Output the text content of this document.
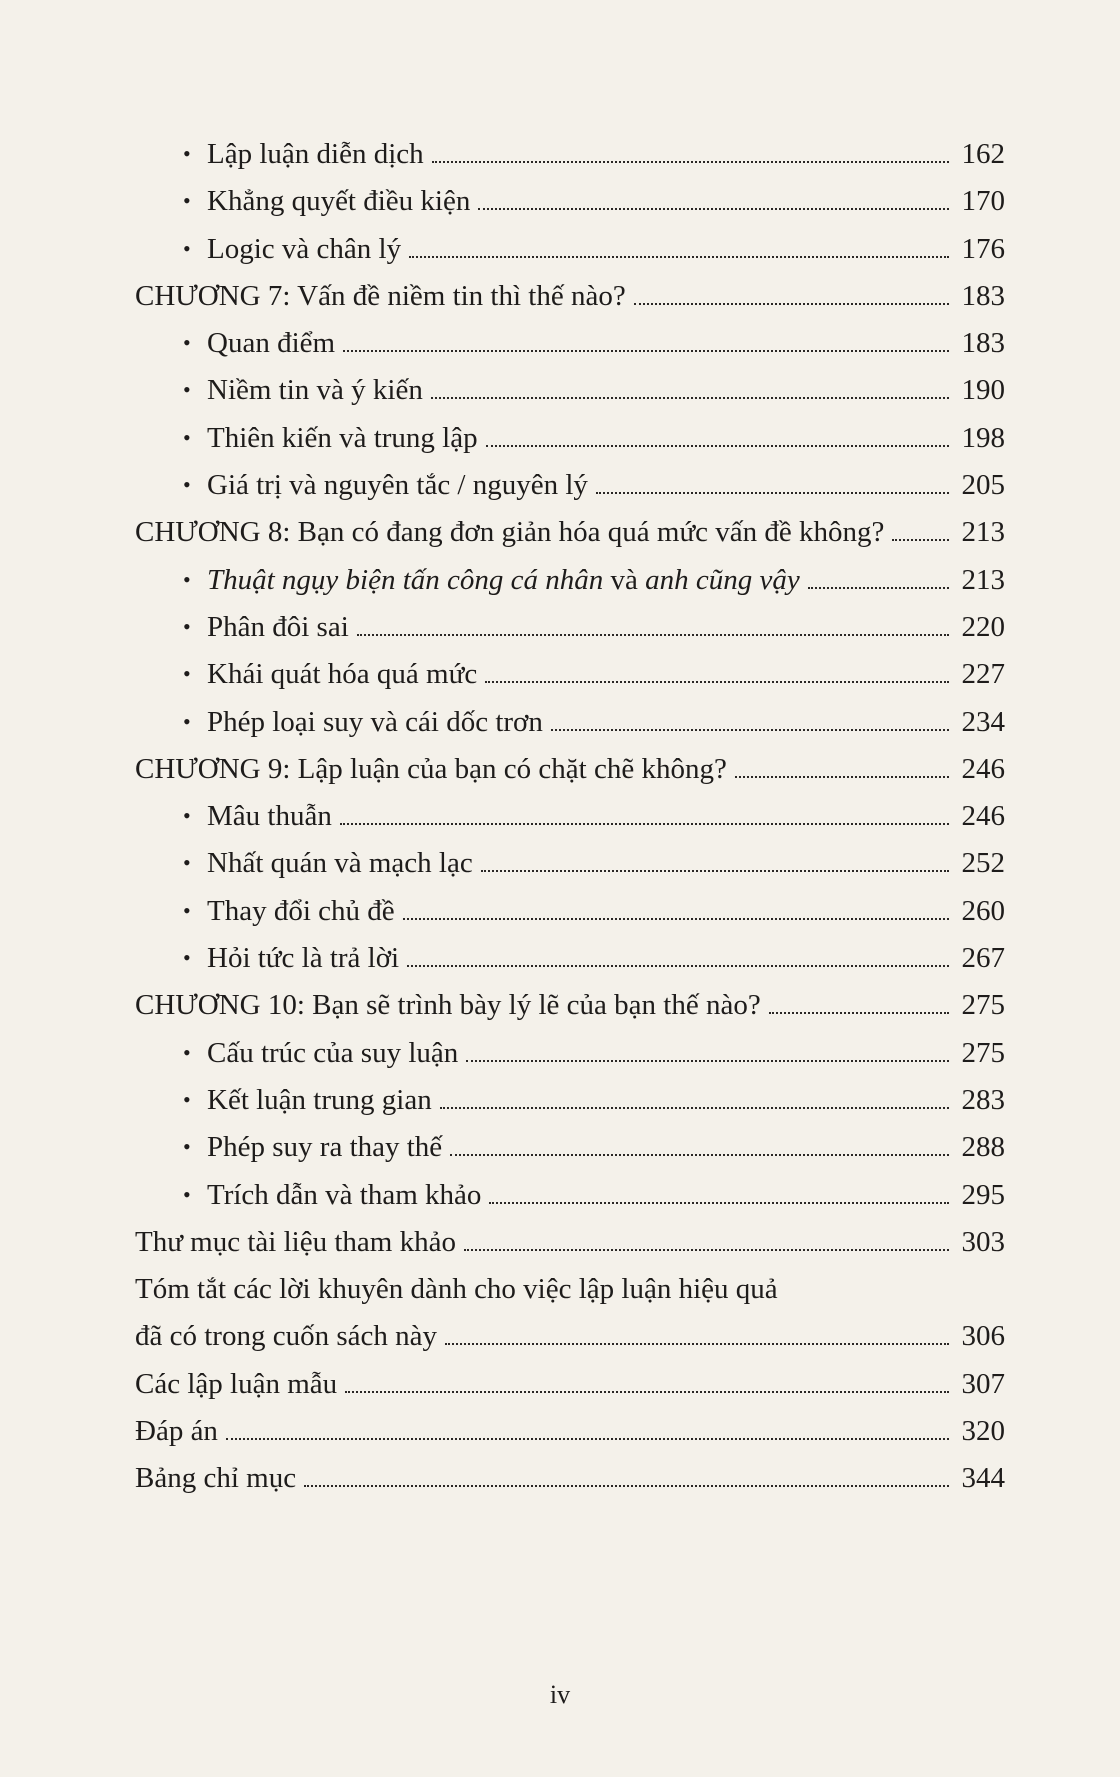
• Lập luận diễn dịch	162
• Khẳng quyết điều kiện	170
• Logic và chân lý	176
CHƯƠNG 7: Vấn đề niềm tin thì thế nào?	183
• Quan điểm	183
• Niềm tin và ý kiến	190
• Thiên kiến và trung lập	198
• Giá trị và nguyên tắc / nguyên lý	205
CHƯƠNG 8: Bạn có đang đơn giản hóa quá mức vấn đề không?	213
• Thuật ngụy biện tấn công cá nhân và anh cũng vậy	213
• Phân đôi sai	220
• Khái quát hóa quá mức	227
• Phép loại suy và cái dốc trơn	234
CHƯƠNG 9: Lập luận của bạn có chặt chẽ không?	246
• Mâu thuẫn	246
• Nhất quán và mạch lạc	252
• Thay đổi chủ đề	260
• Hỏi tức là trả lời	267
CHƯƠNG 10: Bạn sẽ trình bày lý lẽ của bạn thế nào?	275
• Cấu trúc của suy luận	275
• Kết luận trung gian	283
• Phép suy ra thay thế	288
• Trích dẫn và tham khảo	295
Thư mục tài liệu tham khảo	303
Tóm tắt các lời khuyên dành cho việc lập luận hiệu quả
đã có trong cuốn sách này	306
Các lập luận mẫu	307
Đáp án	320
Bảng chỉ mục	344
iv
